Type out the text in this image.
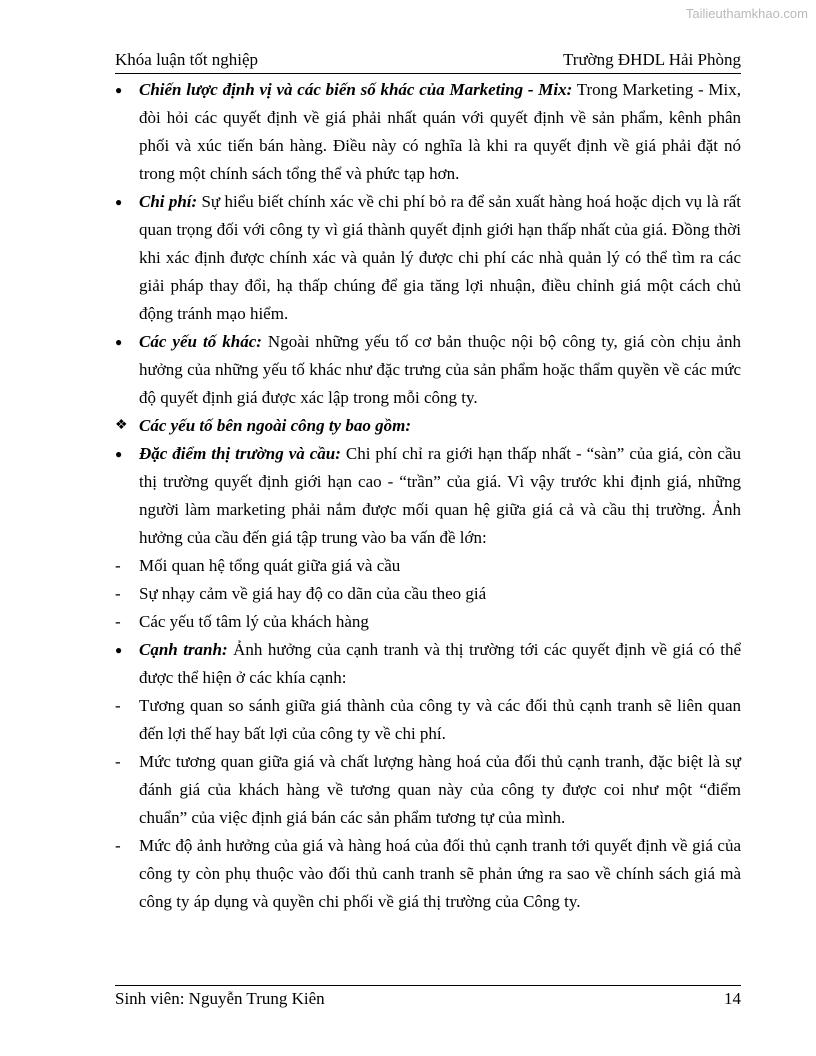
Tailieuthamkhao.com
Khóa luận tốt nghiệp	Trường ĐHDL Hải Phòng
● Chiến lược định vị và các biến số khác của Marketing - Mix: Trong Marketing - Mix, đòi hỏi các quyết định về giá phải nhất quán với quyết định về sản phẩm, kênh phân phối và xúc tiến bán hàng. Điều này có nghĩa là khi ra quyết định về giá phải đặt nó trong một chính sách tổng thể và phức tạp hơn.
● Chi phí: Sự hiểu biết chính xác về chi phí bỏ ra để sản xuất hàng hoá hoặc dịch vụ là rất quan trọng đối với công ty vì giá thành quyết định giới hạn thấp nhất của giá. Đồng thời khi xác định được chính xác và quản lý được chi phí các nhà quản lý có thể tìm ra các giải pháp thay đổi, hạ thấp chúng để gia tăng lợi nhuận, điều chỉnh giá một cách chủ động tránh mạo hiểm.
● Các yếu tố khác: Ngoài những yếu tố cơ bản thuộc nội bộ công ty, giá còn chịu ảnh hưởng của những yếu tố khác như đặc trưng của sản phẩm hoặc thẩm quyền về các mức độ quyết định giá được xác lập trong mỗi công ty.
❖ Các yếu tố bên ngoài công ty bao gồm:
● Đặc điểm thị trường và cầu: Chi phí chỉ ra giới hạn thấp nhất - “sàn” của giá, còn cầu thị trường quyết định giới hạn cao - “trần” của giá. Vì vậy trước khi định giá, những người làm marketing phải nắm được mối quan hệ giữa giá cả và cầu thị trường. Ảnh hưởng của cầu đến giá tập trung vào ba vấn đề lớn:
-	Mối quan hệ tổng quát giữa giá và cầu
-	Sự nhạy cảm về giá hay độ co dãn của cầu theo giá
-	Các yếu tố tâm lý của khách hàng
● Cạnh tranh: Ảnh hưởng của cạnh tranh và thị trường tới các quyết định về giá có thể được thể hiện ở các khía cạnh:
-	Tương quan so sánh giữa giá thành của công ty và các đối thủ cạnh tranh sẽ liên quan đến lợi thế hay bất lợi của công ty về chi phí.
-	Mức tương quan giữa giá và chất lượng hàng hoá của đối thủ cạnh tranh, đặc biệt là sự đánh giá của khách hàng về tương quan này của công ty được coi như một “điểm chuẩn” của việc định giá bán các sản phẩm tương tự của mình.
-	Mức độ ảnh hưởng của giá và hàng hoá của đối thủ cạnh tranh tới quyết định về giá của công ty còn phụ thuộc vào đối thủ canh tranh sẽ phản ứng ra sao về chính sách giá mà công ty áp dụng và quyền chi phối về giá thị trường của Công ty.
Sinh viên: Nguyễn Trung Kiên	14
